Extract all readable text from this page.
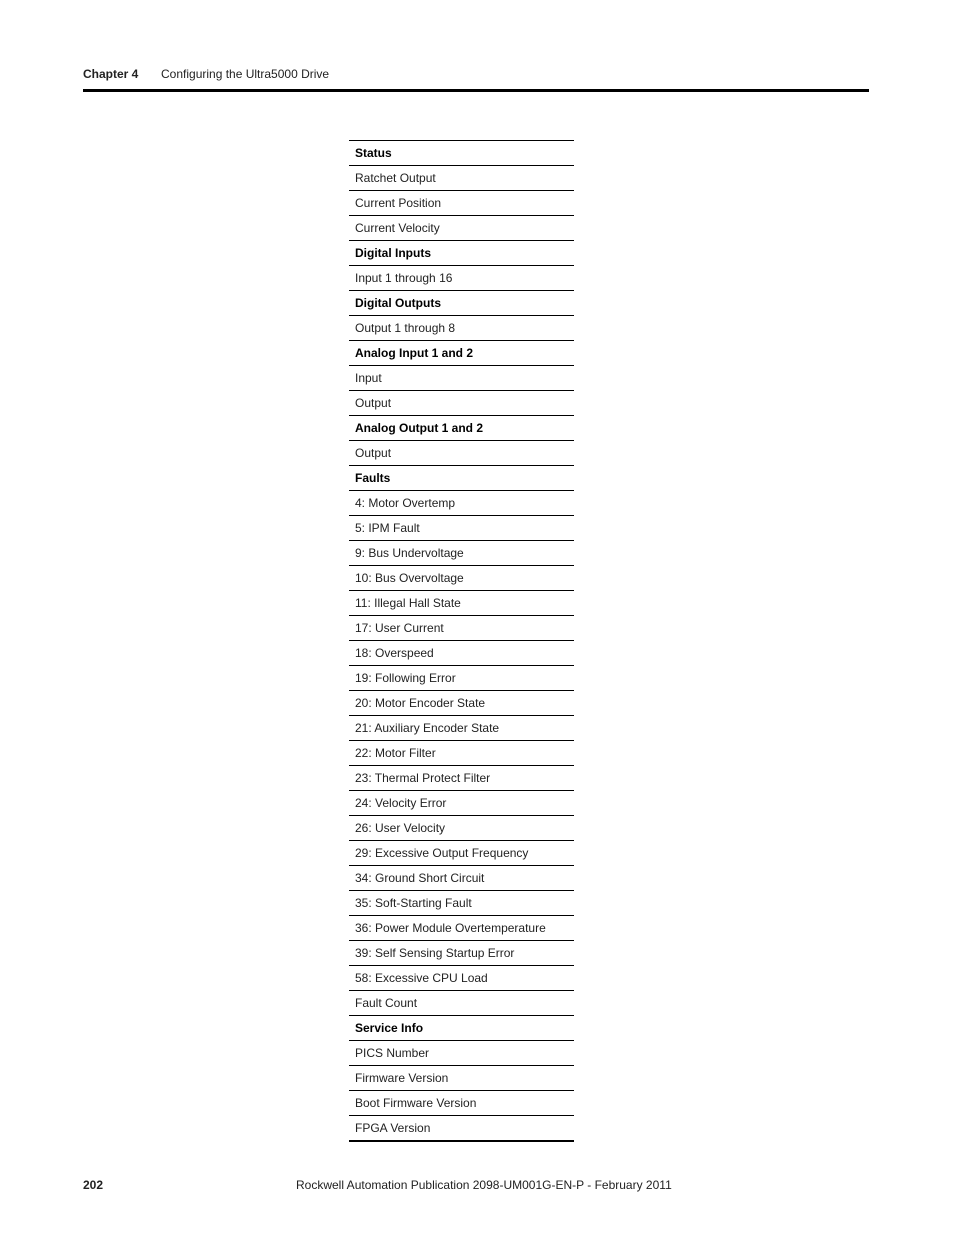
Chapter 4 Configuring the Ultra5000 Drive
Status
Ratchet Output
Current Position
Current Velocity
Digital Inputs
Input 1 through 16
Digital Outputs
Output 1 through 8
Analog Input 1 and 2
Input
Output
Analog Output 1 and 2
Output
Faults
4: Motor Overtemp
5: IPM Fault
9: Bus Undervoltage
10: Bus Overvoltage
11: Illegal Hall State
17: User Current
18: Overspeed
19: Following Error
20: Motor Encoder State
21: Auxiliary Encoder State
22: Motor Filter
23: Thermal Protect Filter
24: Velocity Error
26: User Velocity
29: Excessive Output Frequency
34: Ground Short Circuit
35: Soft-Starting Fault
36: Power Module Overtemperature
39: Self Sensing Startup Error
58: Excessive CPU Load
Fault Count
Service Info
PICS Number
Firmware Version
Boot Firmware Version
FPGA Version
202	Rockwell Automation Publication 2098-UM001G-EN-P - February 2011
